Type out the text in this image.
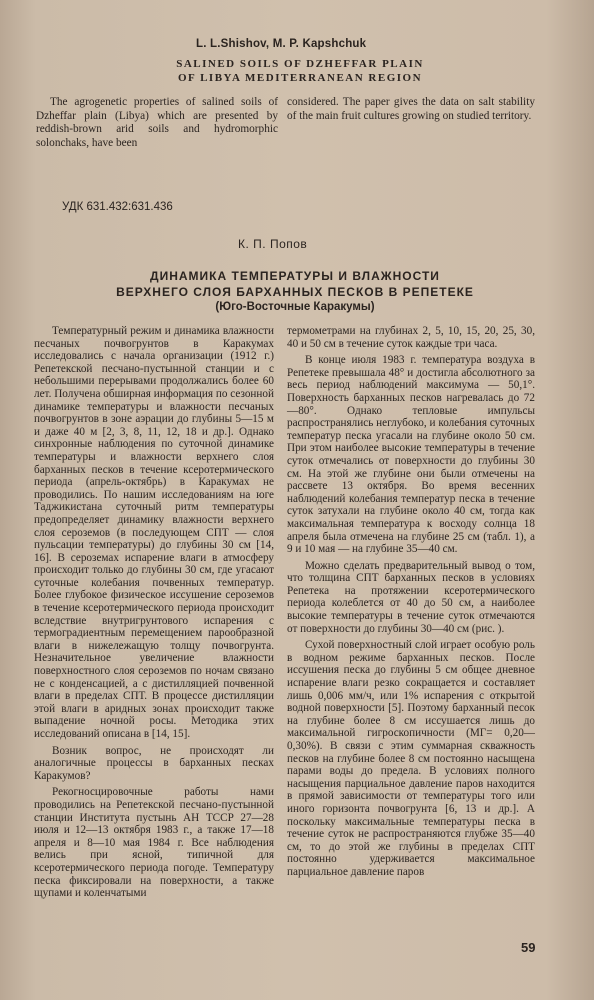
L. L.Shishov, M. P. Kapshchuk
SALINED SOILS OF DZHEFFAR PLAIN
OF LIBYA MEDITERRANEAN REGION
The agrogenetic properties of salined soils of Dzheffar plain (Libya) which are presented by reddish-brown arid soils and hydromorphic solonchaks, have been
considered. The paper gives the data on salt stability of the main fruit cultures growing on studied territory.
УДК 631.432:631.436
К. П. Попов
ДИНАМИКА ТЕМПЕРАТУРЫ И ВЛАЖНОСТИ
ВЕРХНЕГО СЛОЯ БАРХАННЫХ ПЕСКОВ В РЕПЕТЕКЕ
(Юго-Восточные Каракумы)

Температурный режим и динамика влажности песчаных почвогрунтов в Каракумах исследовались с начала организации (1912 г.) Репетекской песчано-пустынной станции и с небольшими перерывами продолжались более 60 лет. Получена обширная информация по сезонной динамике температуры и влажности песчаных почвогрунтов в зоне аэрации до глубины 5—15 м и даже 40 м [2, 3, 8, 11, 12, 18 и др.]. Однако синхронные наблюдения по суточной динамике температуры и влажности верхнего слоя барханных песков в течение ксеротермического периода (апрель-октябрь) в Каракумах не проводились. По нашим исследованиям на юге Таджикистана суточный ритм температуры предопределяет динамику влажности верхнего слоя сероземов (в последующем СПТ — слоя пульсации температуры) до глубины 30 см [14, 16]. В сероземах испарение влаги в атмосферу происходит только до глубины 30 см, где угасают суточные колебания почвенных температур. Более глубокое физическое иссушение сероземов в течение ксеротермического периода происходит вследствие внутригрунтового испарения с термоградиентным перемещением парообразной влаги в нижележащую толщу почвогрунта. Незначительное увеличение влажности поверхностного слоя сероземов по ночам связано не с конденсацией, а с дистилляцией почвенной влаги в пределах СПТ. В процессе дистилляции этой влаги в аридных зонах происходит также выпадение ночной росы. Методика этих исследований описана в [14, 15].

Возник вопрос, не происходят ли аналогичные процессы в барханных песках Каракумов?

Рекогносцировочные работы нами проводились на Репетекской песчано-пустынной станции Института пустынь АН ТССР 27—28 июля и 12—13 октября 1983 г., а также 17—18 апреля и 8—10 мая 1984 г. Все наблюдения велись при ясной, типичной для ксеротермического периода погоде. Температуру песка фиксировали на поверхности, а также щупами и коленчатыми

термометрами на глубинах 2, 5, 10, 15, 20, 25, 30, 40 и 50 см в течение суток каждые три часа.

В конце июля 1983 г. температура воздуха в Репетеке превышала 48° и достигла абсолютного за весь период наблюдений максимума — 50,1°. Поверхность барханных песков нагревалась до 72—80°. Однако тепловые импульсы распространялись неглубоко, и колебания суточных температур песка угасали на глубине около 50 см. При этом наиболее высокие температуры в течение суток отмечались от поверхности до глубины 30 см. На этой же глубине они были отмечены на рассвете 13 октября. Во время весенних наблюдений колебания температур песка в течение суток затухали на глубине около 40 см, тогда как максимальная температура к восходу солнца 18 апреля была отмечена на глубине 25 см (табл. 1), а 9 и 10 мая — на глубине 35—40 см.

Можно сделать предварительный вывод о том, что толщина СПТ барханных песков в условиях Репетека на протяжении ксеротермического периода колеблется от 40 до 50 см, а наиболее высокие температуры в течение суток отмечаются от поверхности до глубины 30—40 см (рис. ).

Сухой поверхностный слой играет особую роль в водном режиме барханных песков. После иссушения песка до глубины 5 см общее дневное испарение влаги резко сокращается и составляет лишь 0,006 мм/ч, или 1% испарения с открытой водной поверхности [5]. Поэтому барханный песок на глубине более 8 см иссушается лишь до максимальной гигроскопичности (МГ= 0,20—0,30%). В связи с этим суммарная скважность песков на глубине более 8 см постоянно насыщена парами воды до предела. В условиях полного насыщения парциальное давление паров находится в прямой зависимости от температуры того или иного горизонта почвогрунта [6, 13 и др.]. А поскольку максимальные температуры песка в течение суток не распространяются глубже 35—40 см, то до этой же глубины в пределах СПТ постоянно удерживается максимальное парциальное давление паров

59
